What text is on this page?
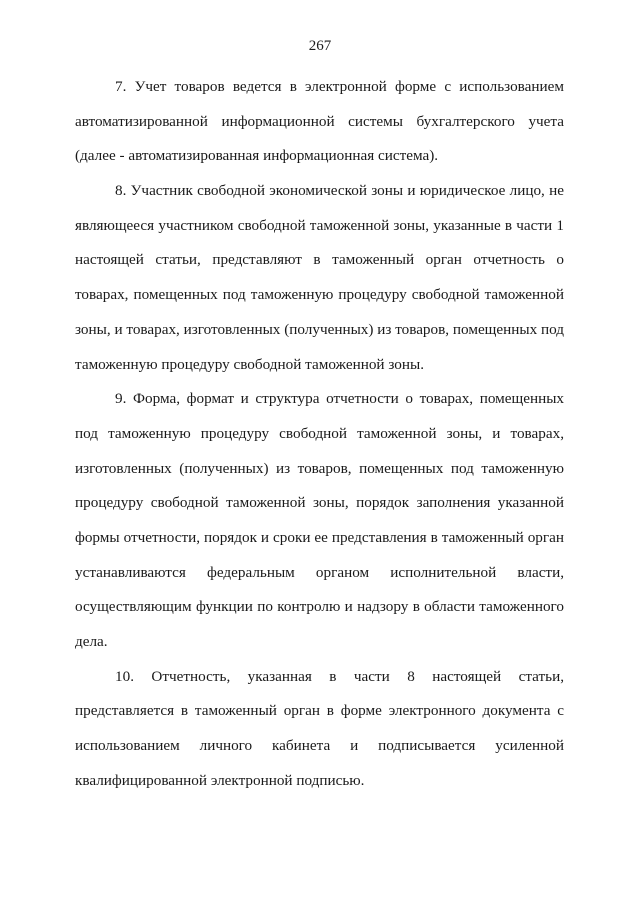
267
7. Учет товаров ведется в электронной форме с использованием
автоматизированной информационной системы бухгалтерского учета
(далее - автоматизированная информационная система).
8. Участник свободной экономической зоны и юридическое лицо, не
являющееся участником свободной таможенной зоны, указанные в части 1
настоящей статьи, представляют в таможенный орган отчетность о
товарах, помещенных под таможенную процедуру свободной таможенной
зоны, и товарах, изготовленных (полученных) из товаров, помещенных под
таможенную процедуру свободной таможенной зоны.
9. Форма, формат и структура отчетности о товарах, помещенных
под таможенную процедуру свободной таможенной зоны, и товарах,
изготовленных (полученных) из товаров, помещенных под таможенную
процедуру свободной таможенной зоны, порядок заполнения указанной
формы отчетности, порядок и сроки ее представления в таможенный орган
устанавливаются федеральным органом исполнительной власти,
осуществляющим функции по контролю и надзору в области таможенного
дела.
10. Отчетность, указанная в части 8 настоящей статьи,
представляется в таможенный орган в форме электронного документа с
использованием личного кабинета и подписывается усиленной
квалифицированной электронной подписью.
